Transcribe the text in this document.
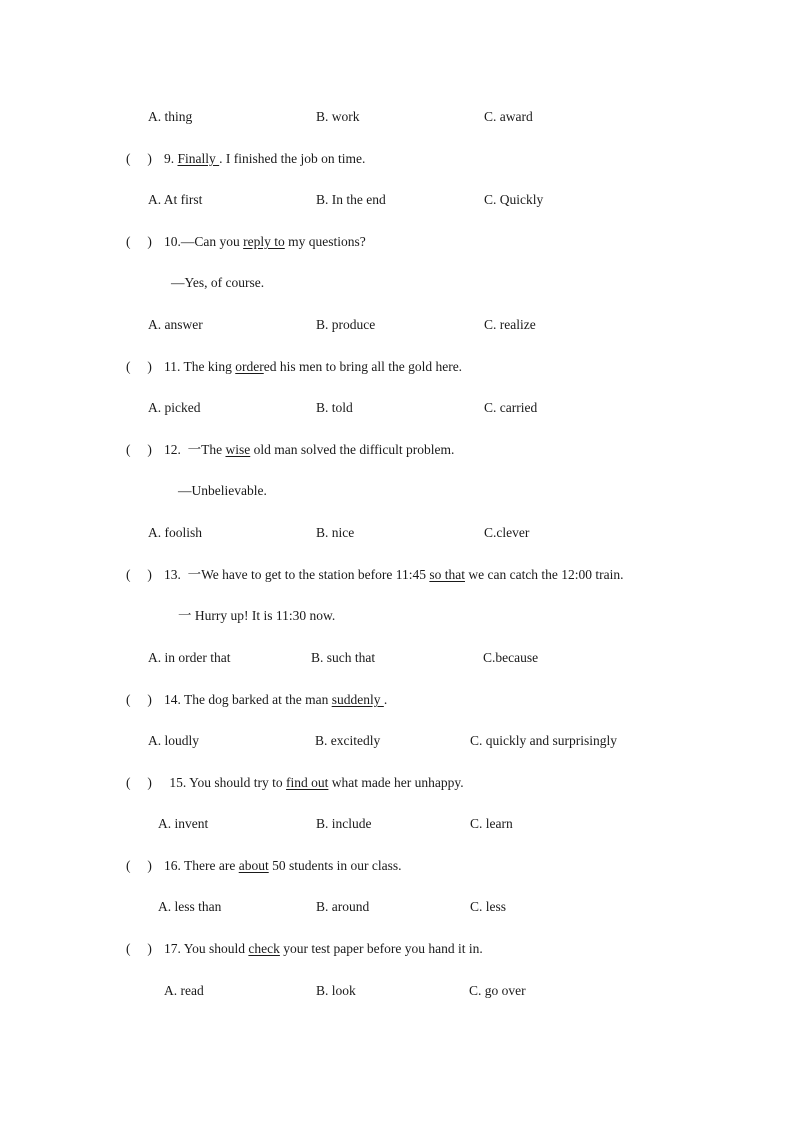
A. thing	B. work	C. award
(     ) 9. Finally . I finished the job on time.
A. At first	B. In the end	C. Quickly
(     ) 10.—Can you reply to my questions?
—Yes, of course.
A. answer	B. produce	C. realize
(     ) 11. The king ordered his men to bring all the gold here.
A. picked	B. told	C. carried
(     ) 12.  一The wise old man solved the difficult problem.
—Unbelievable.
A. foolish	B. nice	C.clever
(     ) 13.  一We have to get to the station before 11:45 so that we can catch the 12:00 train.
一 Hurry up! It is 11:30 now.
A. in order that	B. such that	C.because
(     ) 14. The dog barked at the man suddenly .
A. loudly	B. excitedly	C. quickly and surprisingly
(     ) 15. You should try to find out what made her unhappy.
A. invent	B. include	C. learn
(     ) 16. There are about 50 students in our class.
A. less than	B. around	C. less
(     ) 17. You should check your test paper before you hand it in.
A. read	B. look	C. go over
